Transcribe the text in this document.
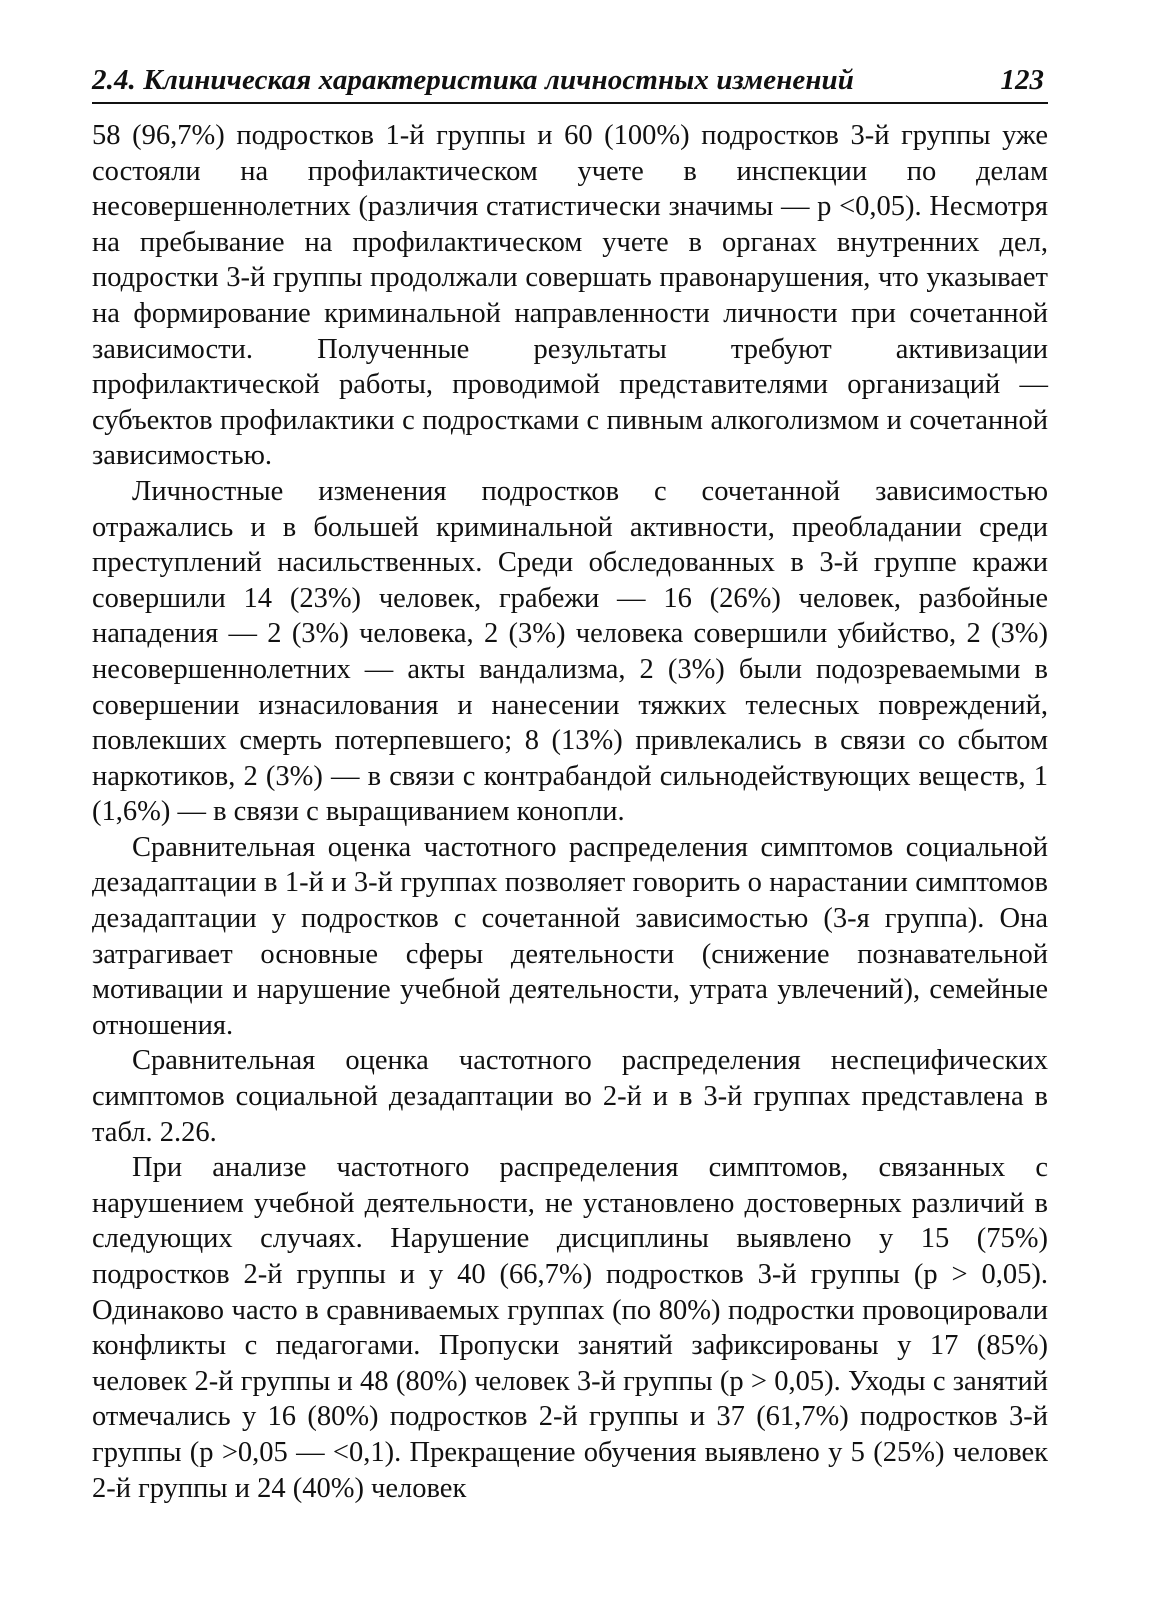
2.4. Клиническая характеристика личностных изменений	123

58 (96,7%) подростков 1-й группы и 60 (100%) подростков 3-й группы уже состояли на профилактическом учете в инспекции по делам несовершеннолетних (различия статистически значимы — p <0,05). Несмотря на пребывание на профилактическом учете в органах внутренних дел, подростки 3-й группы продолжали совершать правонарушения, что указывает на формирование криминальной направленности личности при сочетанной зависимости. Полученные результаты требуют активизации профилактической работы, проводимой представителями организаций — субъектов профилактики с подростками с пивным алкоголизмом и сочетанной зависимостью.

Личностные изменения подростков с сочетанной зависимостью отражались и в большей криминальной активности, преобладании среди преступлений насильственных. Среди обследованных в 3-й группе кражи совершили 14 (23%) человек, грабежи — 16 (26%) человек, разбойные нападения — 2 (3%) человека, 2 (3%) человека совершили убийство, 2 (3%) несовершеннолетних — акты вандализма, 2 (3%) были подозреваемыми в совершении изнасилования и нанесении тяжких телесных повреждений, повлекших смерть потерпевшего; 8 (13%) привлекались в связи со сбытом наркотиков, 2 (3%) — в связи с контрабандой сильнодействующих веществ, 1 (1,6%) — в связи с выращиванием конопли.

Сравнительная оценка частотного распределения симптомов социальной дезадаптации в 1-й и 3-й группах позволяет говорить о нарастании симптомов дезадаптации у подростков с сочетанной зависимостью (3-я группа). Она затрагивает основные сферы деятельности (снижение познавательной мотивации и нарушение учебной деятельности, утрата увлечений), семейные отношения.

Сравнительная оценка частотного распределения неспецифических симптомов социальной дезадаптации во 2-й и в 3-й группах представлена в табл. 2.26.

При анализе частотного распределения симптомов, связанных с нарушением учебной деятельности, не установлено достоверных различий в следующих случаях. Нарушение дисциплины выявлено у 15 (75%) подростков 2-й группы и у 40 (66,7%) подростков 3-й группы (p > 0,05). Одинаково часто в сравниваемых группах (по 80%) подростки провоцировали конфликты с педагогами. Пропуски занятий зафиксированы у 17 (85%) человек 2-й группы и 48 (80%) человек 3-й группы (p > 0,05). Уходы с занятий отмечались у 16 (80%) подростков 2-й группы и 37 (61,7%) подростков 3-й группы (p >0,05 — <0,1). Прекращение обучения выявлено у 5 (25%) человек 2-й группы и 24 (40%) человек
